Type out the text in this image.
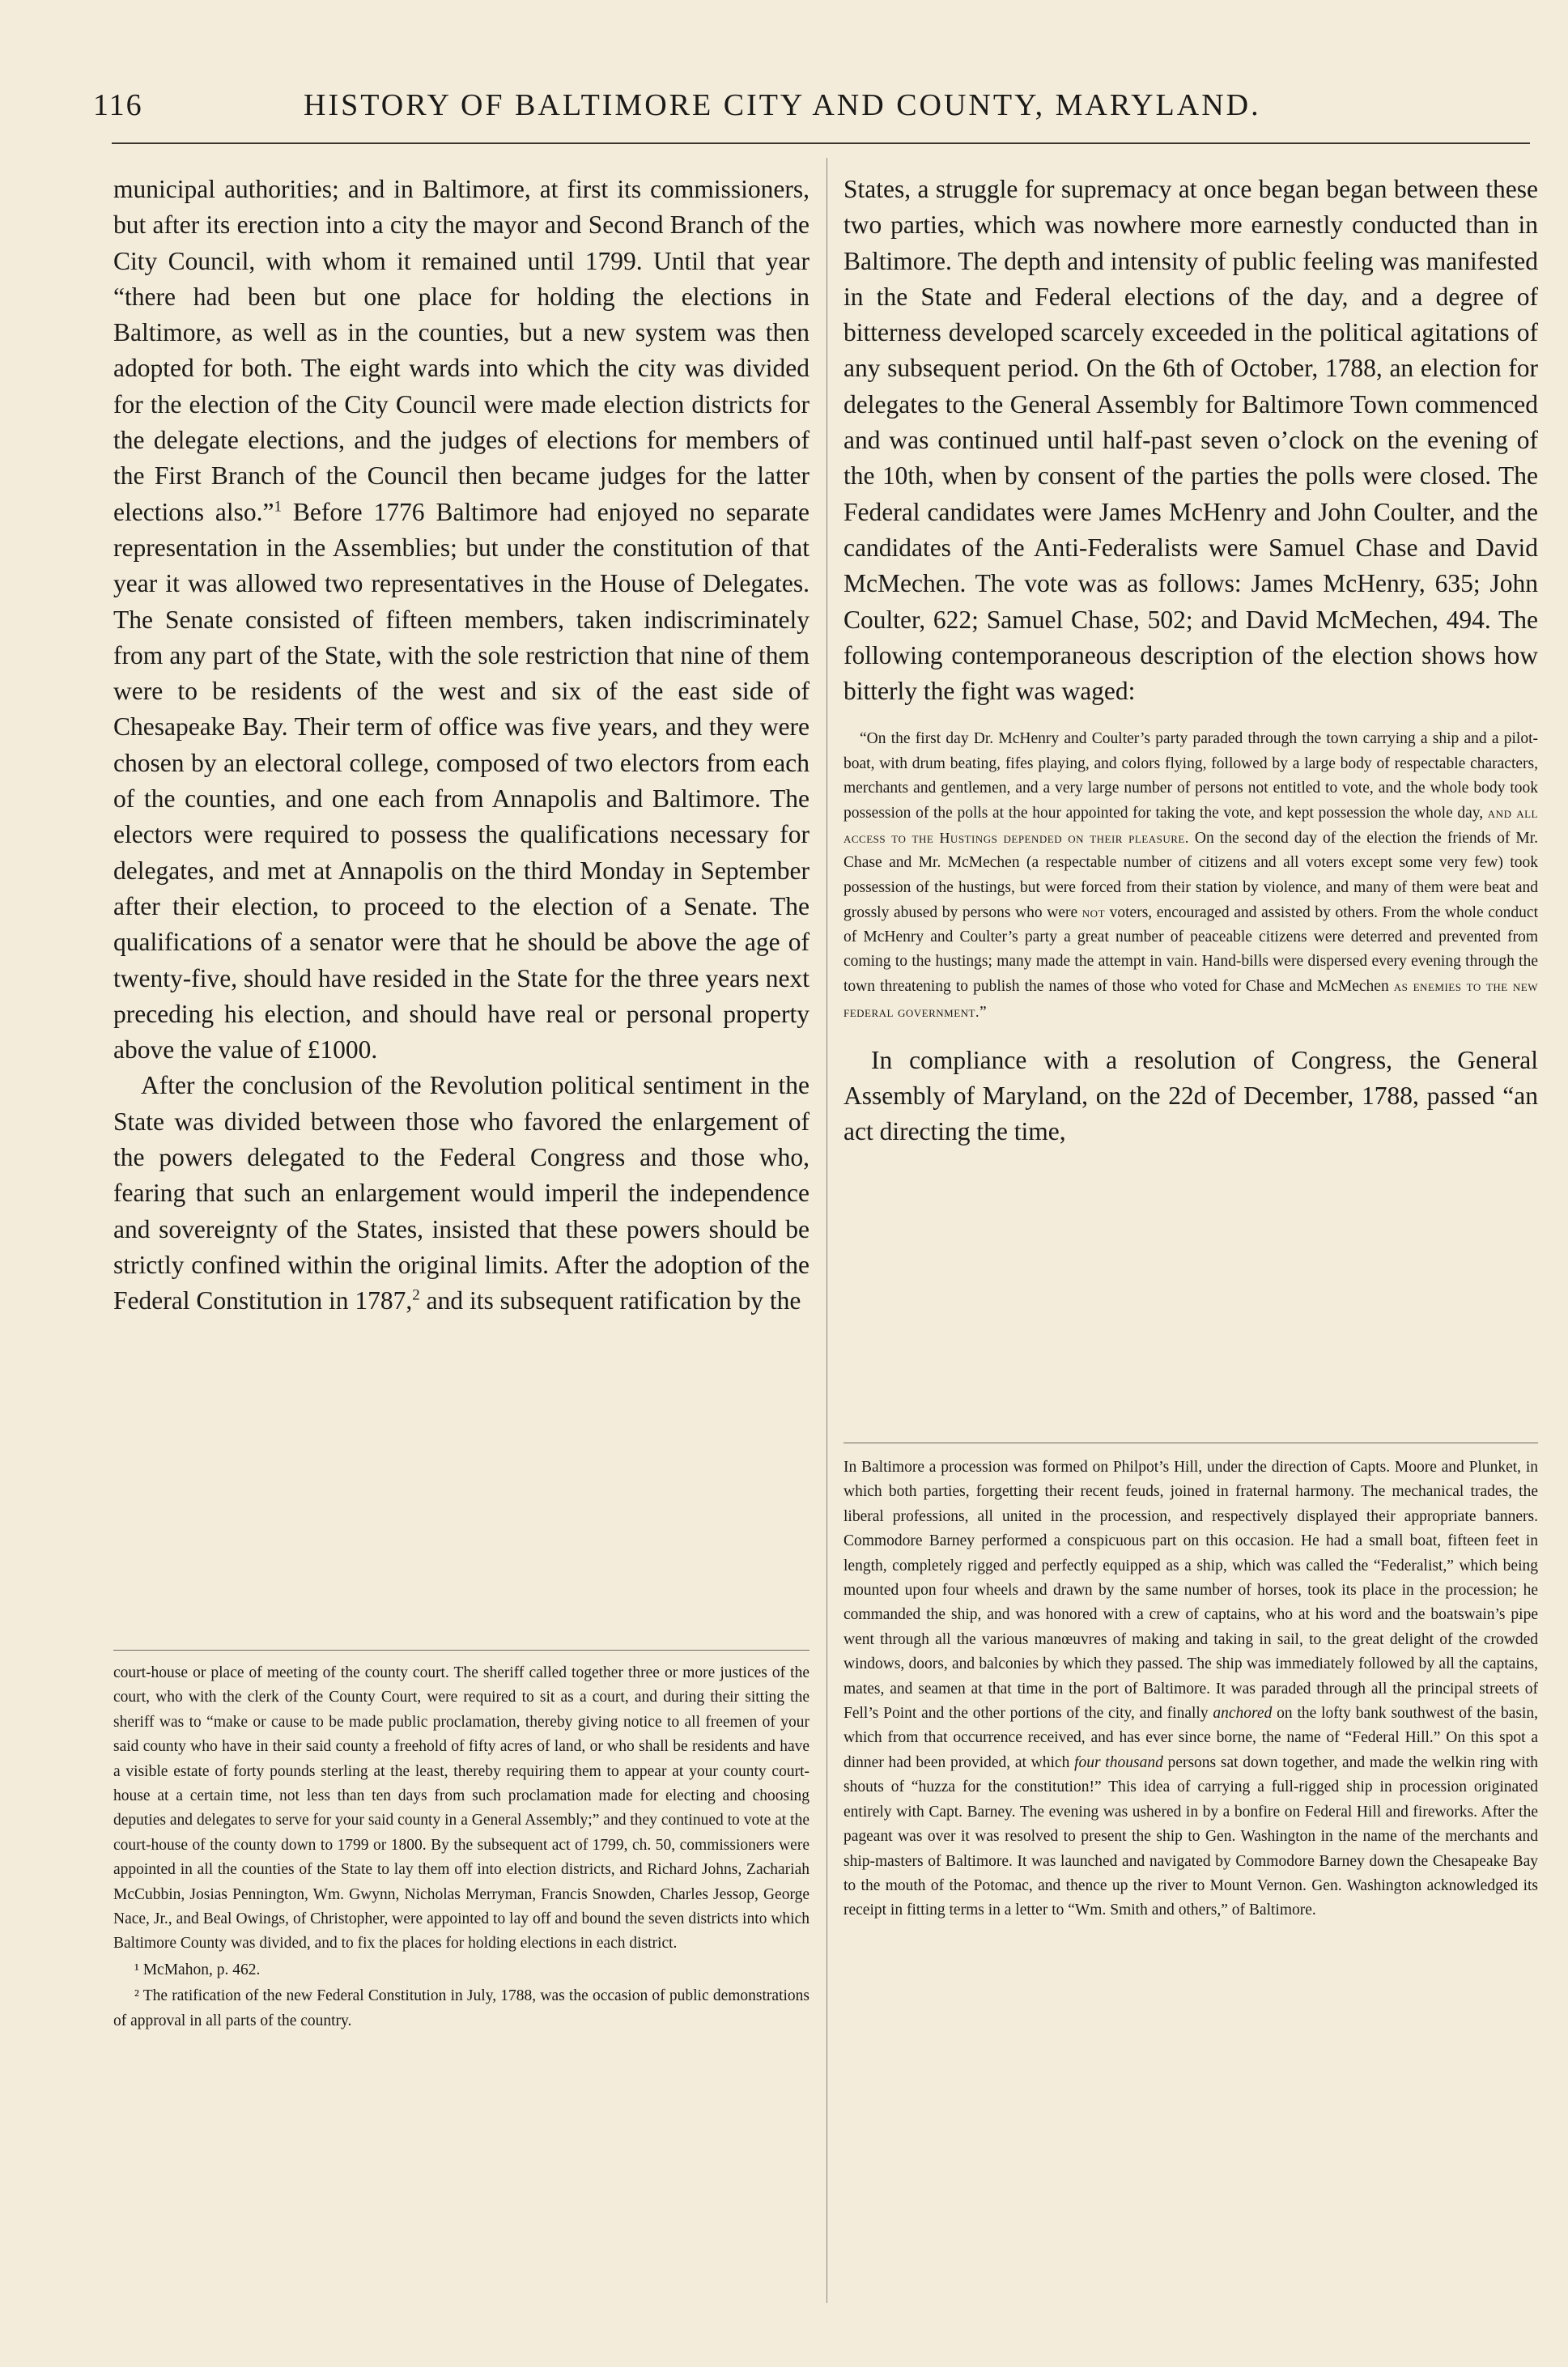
116	HISTORY OF BALTIMORE CITY AND COUNTY, MARYLAND.

municipal authorities; and in Baltimore, at first its commissioners, but after its erection into a city the mayor and Second Branch of the City Council, with whom it remained until 1799. Until that year “there had been but one place for holding the elections in Baltimore, as well as in the counties, but a new system was then adopted for both. The eight wards into which the city was divided for the election of the City Council were made election districts for the delegate elections, and the judges of elections for members of the First Branch of the Council then became judges for the latter elections also.”$^1$ Before 1776 Baltimore had enjoyed no separate representation in the Assemblies; but under the constitution of that year it was allowed two representatives in the House of Delegates. The Senate consisted of fifteen members, taken indiscriminately from any part of the State, with the sole restriction that nine of them were to be residents of the west and six of the east side of Chesapeake Bay. Their term of office was five years, and they were chosen by an electoral college, composed of two electors from each of the counties, and one each from Annapolis and Baltimore. The electors were required to possess the qualifications necessary for delegates, and met at Annapolis on the third Monday in September after their election, to proceed to the election of a Senate. The qualifications of a senator were that he should be above the age of twenty-five, should have resided in the State for the three years next preceding his election, and should have real or personal property above the value of £1000.

After the conclusion of the Revolution political sentiment in the State was divided between those who favored the enlargement of the powers delegated to the Federal Congress and those who, fearing that such an enlargement would imperil the independence and sovereignty of the States, insisted that these powers should be strictly confined within the original limits. After the adoption of the Federal Constitution in 1787,$^2$ and its subsequent ratification by the

court-house or place of meeting of the county court. The sheriff called together three or more justices of the court, who with the clerk of the County Court, were required to sit as a court, and during their sitting the sheriff was to “make or cause to be made public proclamation, thereby giving notice to all freemen of your said county who have in their said county a freehold of fifty acres of land, or who shall be residents and have a visible estate of forty pounds sterling at the least, thereby requiring them to appear at your county court-house at a certain time, not less than ten days from such proclamation made for electing and choosing deputies and delegates to serve for your said county in a General Assembly;” and they continued to vote at the court-house of the county down to 1799 or 1800. By the subsequent act of 1799, ch. 50, commissioners were appointed in all the counties of the State to lay them off into election districts, and Richard Johns, Zachariah McCubbin, Josias Pennington, Wm. Gwynn, Nicholas Merryman, Francis Snowden, Charles Jessop, George Nace, Jr., and Beal Owings, of Christopher, were appointed to lay off and bound the seven districts into which Baltimore County was divided, and to fix the places for holding elections in each district.

¹ McMahon, p. 462.

² The ratification of the new Federal Constitution in July, 1788, was the occasion of public demonstrations of approval in all parts of the country.

States, a struggle for supremacy at once began began between these two parties, which was nowhere more earnestly conducted than in Baltimore. The depth and intensity of public feeling was manifested in the State and Federal elections of the day, and a degree of bitterness developed scarcely exceeded in the political agitations of any subsequent period. On the 6th of October, 1788, an election for delegates to the General Assembly for Baltimore Town commenced and was continued until half-past seven o’clock on the evening of the 10th, when by consent of the parties the polls were closed. The Federal candidates were James McHenry and John Coulter, and the candidates of the Anti-Federalists were Samuel Chase and David McMechen. The vote was as follows: James McHenry, 635; John Coulter, 622; Samuel Chase, 502; and David McMechen, 494. The following contemporaneous description of the election shows how bitterly the fight was waged:

“On the first day Dr. McHenry and Coulter’s party paraded through the town carrying a ship and a pilot-boat, with drum beating, fifes playing, and colors flying, followed by a large body of respectable characters, merchants and gentlemen, and a very large number of persons not entitled to vote, and the whole body took possession of the polls at the hour appointed for taking the vote, and kept possession the whole day, and all access to the Hustings depended on their pleasure. On the second day of the election the friends of Mr. Chase and Mr. McMechen (a respectable number of citizens and all voters except some very few) took possession of the hustings, but were forced from their station by violence, and many of them were beat and grossly abused by persons who were not voters, encouraged and assisted by others. From the whole conduct of McHenry and Coulter’s party a great number of peaceable citizens were deterred and prevented from coming to the hustings; many made the attempt in vain. Hand-bills were dispersed every evening through the town threatening to publish the names of those who voted for Chase and McMechen as enemies to the new federal government.”

In compliance with a resolution of Congress, the General Assembly of Maryland, on the 22d of December, 1788, passed “an act directing the time,

In Baltimore a procession was formed on Philpot’s Hill, under the direction of Capts. Moore and Plunket, in which both parties, forgetting their recent feuds, joined in fraternal harmony. The mechanical trades, the liberal professions, all united in the procession, and respectively displayed their appropriate banners. Commodore Barney performed a conspicuous part on this occasion. He had a small boat, fifteen feet in length, completely rigged and perfectly equipped as a ship, which was called the “Federalist,” which being mounted upon four wheels and drawn by the same number of horses, took its place in the procession; he commanded the ship, and was honored with a crew of captains, who at his word and the boatswain’s pipe went through all the various manœuvres of making and taking in sail, to the great delight of the crowded windows, doors, and balconies by which they passed. The ship was immediately followed by all the captains, mates, and seamen at that time in the port of Baltimore. It was paraded through all the principal streets of Fell’s Point and the other portions of the city, and finally anchored on the lofty bank southwest of the basin, which from that occurrence received, and has ever since borne, the name of “Federal Hill.” On this spot a dinner had been provided, at which four thousand persons sat down together, and made the welkin ring with shouts of “huzza for the constitution!” This idea of carrying a full-rigged ship in procession originated entirely with Capt. Barney. The evening was ushered in by a bonfire on Federal Hill and fireworks. After the pageant was over it was resolved to present the ship to Gen. Washington in the name of the merchants and ship-masters of Baltimore. It was launched and navigated by Commodore Barney down the Chesapeake Bay to the mouth of the Potomac, and thence up the river to Mount Vernon. Gen. Washington acknowledged its receipt in fitting terms in a letter to “Wm. Smith and others,” of Baltimore.
